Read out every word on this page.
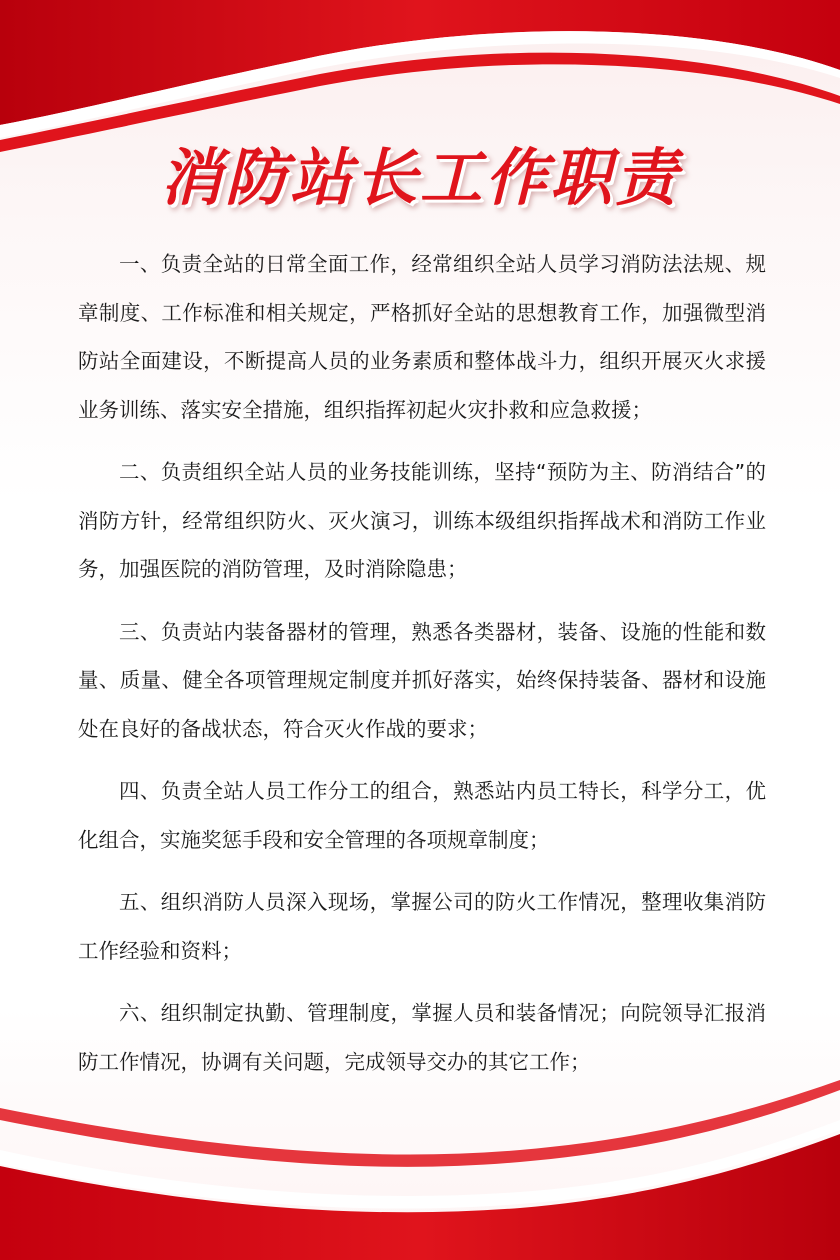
消防站长工作职责

一、负责全站的日常全面工作，经常组织全站人员学习消防法法规、规章制度、工作标准和相关规定，严格抓好全站的思想教育工作，加强微型消防站全面建设，不断提高人员的业务素质和整体战斗力，组织开展灭火求援业务训练、落实安全措施，组织指挥初起火灾扑救和应急救援；

二、负责组织全站人员的业务技能训练，坚持“预防为主、防消结合”的消防方针，经常组织防火、灭火演习，训练本级组织指挥战术和消防工作业务，加强医院的消防管理，及时消除隐患；

三、负责站内装备器材的管理，熟悉各类器材，装备、设施的性能和数量、质量、健全各项管理规定制度并抓好落实，始终保持装备、器材和设施处在良好的备战状态，符合灭火作战的要求；

四、负责全站人员工作分工的组合，熟悉站内员工特长，科学分工，优化组合，实施奖惩手段和安全管理的各项规章制度；

五、组织消防人员深入现场，掌握公司的防火工作情况，整理收集消防工作经验和资料；

六、组织制定执勤、管理制度，掌握人员和装备情况；向院领导汇报消防工作情况，协调有关问题，完成领导交办的其它工作；
